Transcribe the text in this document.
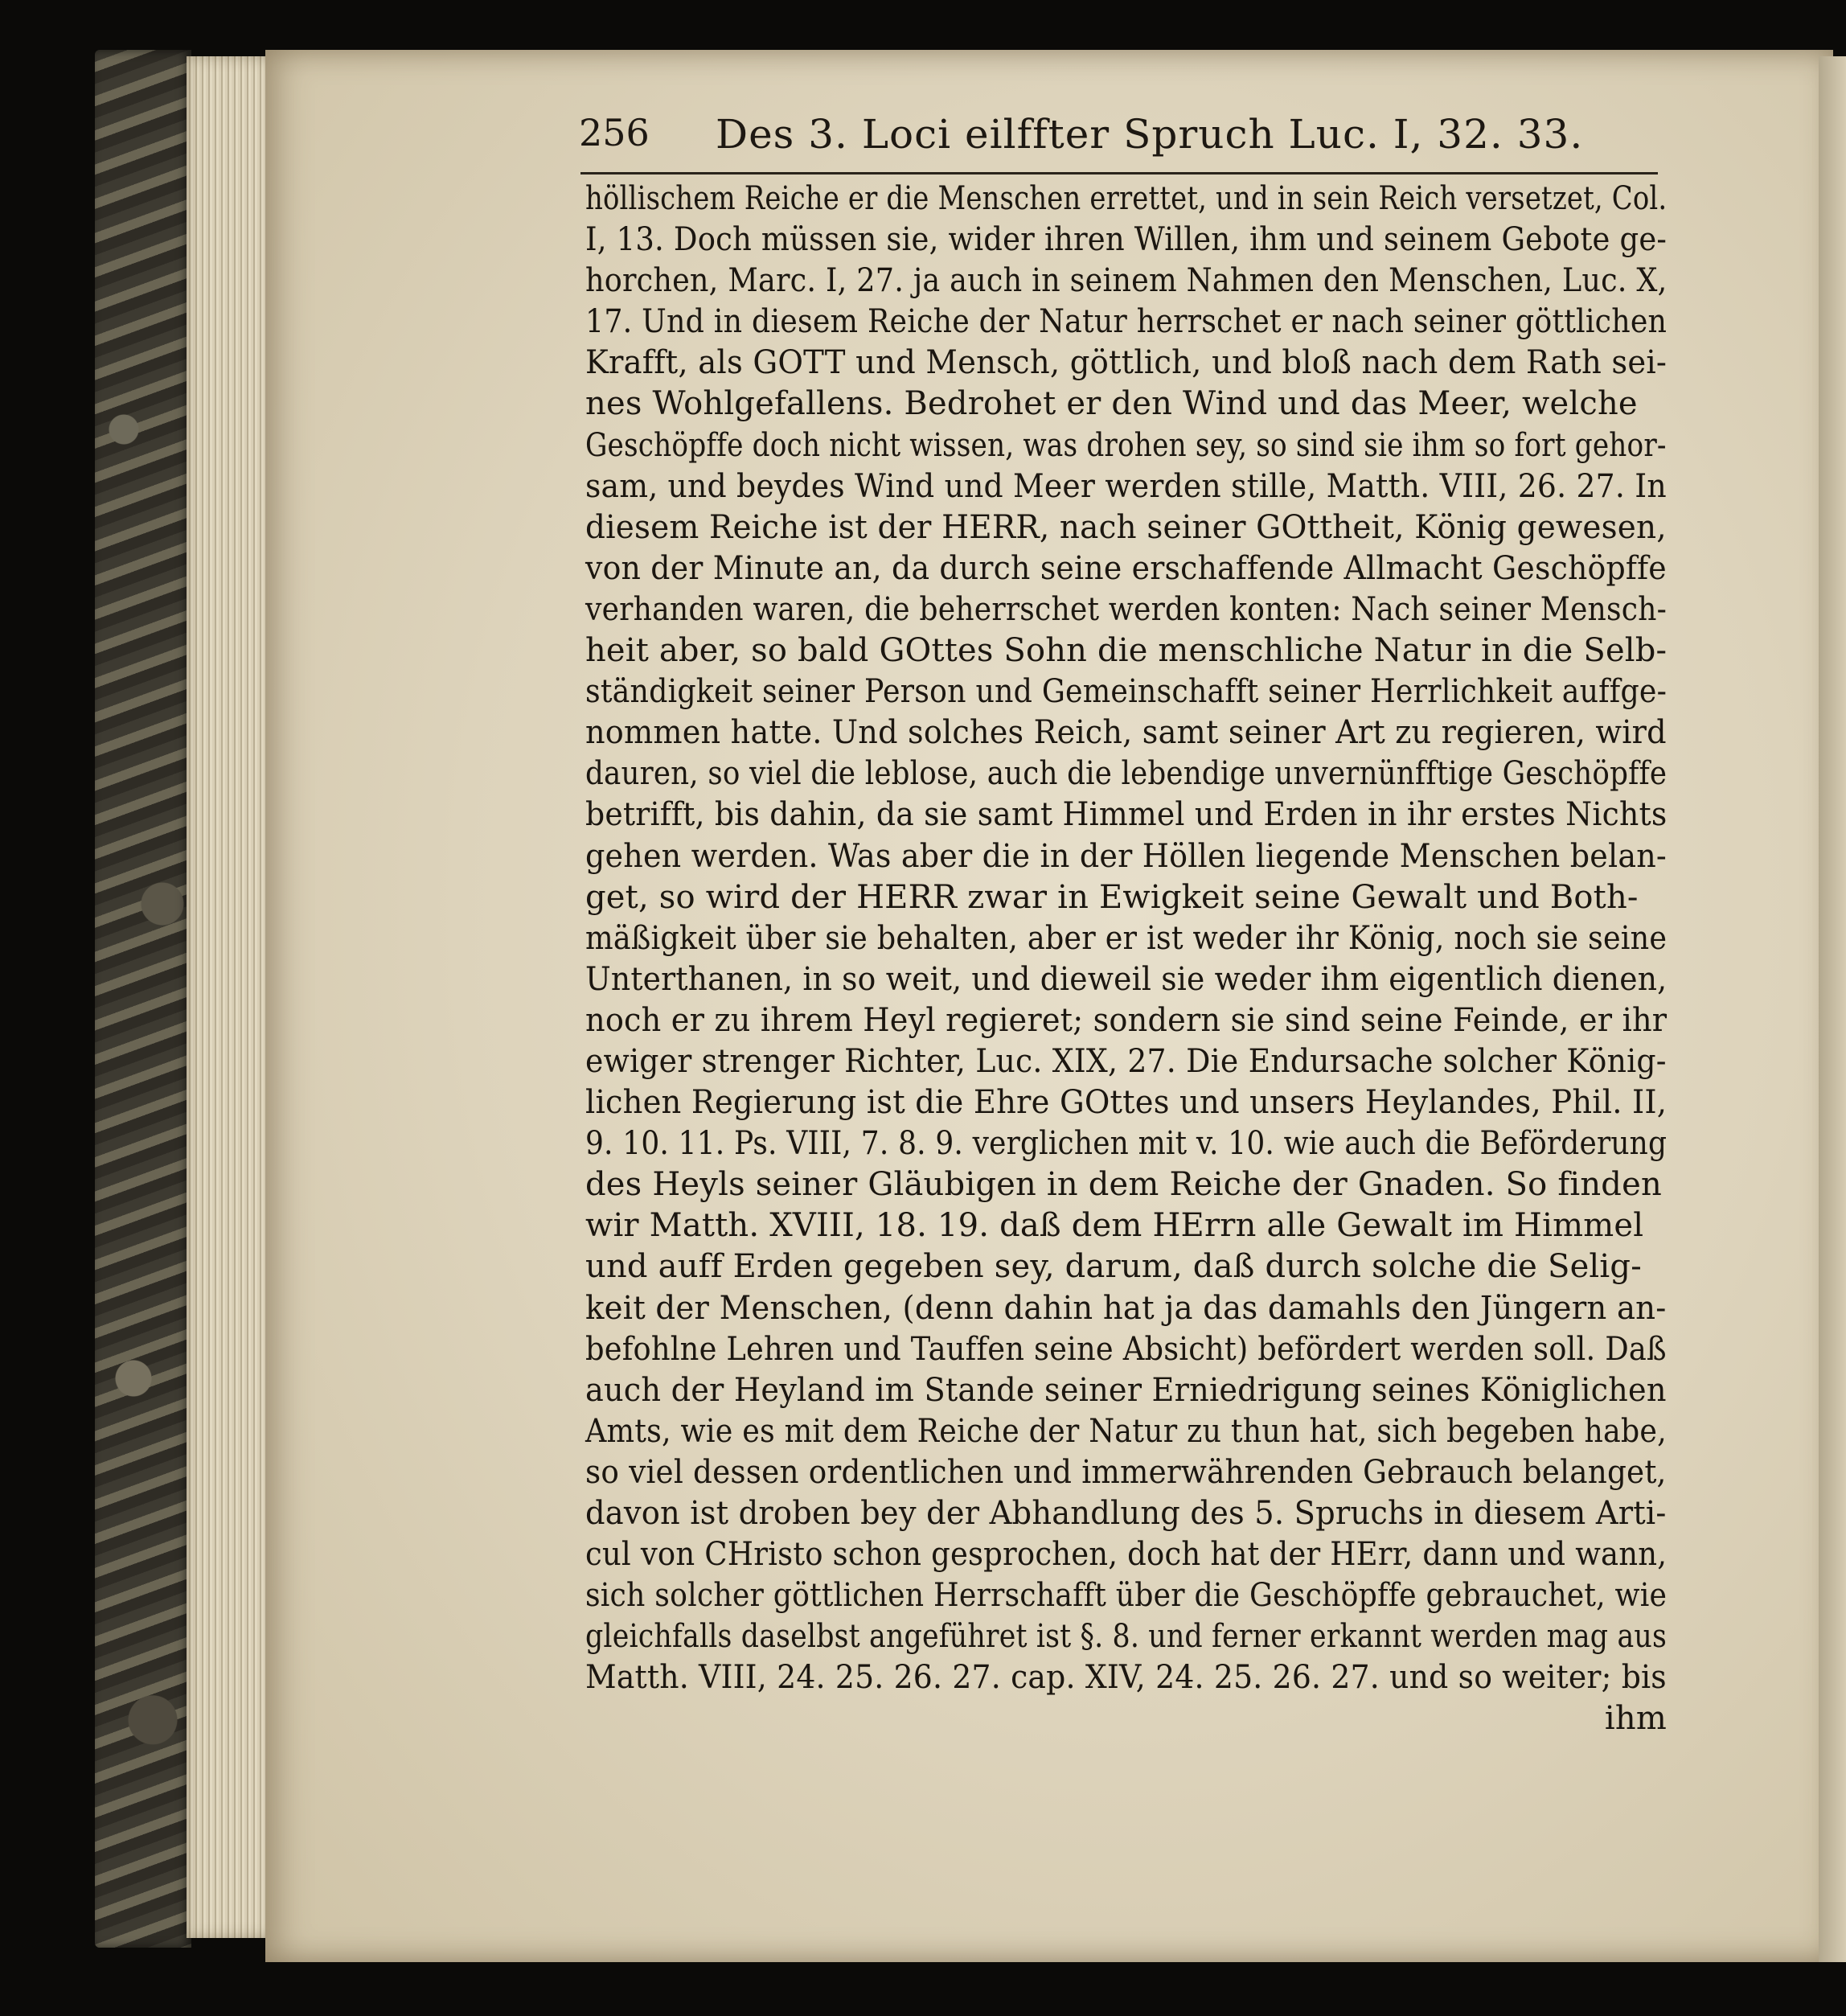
256 Des 3. Loci eilffter Spruch Luc. I, 32. 33.
höllischem Reiche er die Menschen errettet, und in sein Reich versetzet, Col.
I, 13. Doch müssen sie, wider ihren Willen, ihm und seinem Gebote ge-
horchen, Marc. I, 27. ja auch in seinem Nahmen den Menschen, Luc. X,
17. Und in diesem Reiche der Natur herrschet er nach seiner göttlichen
Krafft, als GOTT und Mensch, göttlich, und bloß nach dem Rath sei-
nes Wohlgefallens. Bedrohet er den Wind und das Meer, welche
Geschöpffe doch nicht wissen, was drohen sey, so sind sie ihm so fort gehor-
sam, und beydes Wind und Meer werden stille, Matth. VIII, 26. 27. In
diesem Reiche ist der HERR, nach seiner GOttheit, König gewesen,
von der Minute an, da durch seine erschaffende Allmacht Geschöpffe
verhanden waren, die beherrschet werden konten: Nach seiner Mensch-
heit aber, so bald GOttes Sohn die menschliche Natur in die Selb-
ständigkeit seiner Person und Gemeinschafft seiner Herrlichkeit auffge-
nommen hatte. Und solches Reich, samt seiner Art zu regieren, wird
dauren, so viel die leblose, auch die lebendige unvernünfftige Geschöpffe
betrifft, bis dahin, da sie samt Himmel und Erden in ihr erstes Nichts
gehen werden. Was aber die in der Höllen liegende Menschen belan-
get, so wird der HERR zwar in Ewigkeit seine Gewalt und Both-
mäßigkeit über sie behalten, aber er ist weder ihr König, noch sie seine
Unterthanen, in so weit, und dieweil sie weder ihm eigentlich dienen,
noch er zu ihrem Heyl regieret; sondern sie sind seine Feinde, er ihr
ewiger strenger Richter, Luc. XIX, 27. Die Endursache solcher König-
lichen Regierung ist die Ehre GOttes und unsers Heylandes, Phil. II,
9. 10. 11. Ps. VIII, 7. 8. 9. verglichen mit v. 10. wie auch die Beförderung
des Heyls seiner Gläubigen in dem Reiche der Gnaden. So finden
wir Matth. XVIII, 18. 19. daß dem HErrn alle Gewalt im Himmel
und auff Erden gegeben sey, darum, daß durch solche die Selig-
keit der Menschen, (denn dahin hat ja das damahls den Jüngern an-
befohlne Lehren und Tauffen seine Absicht) befördert werden soll. Daß
auch der Heyland im Stande seiner Erniedrigung seines Königlichen
Amts, wie es mit dem Reiche der Natur zu thun hat, sich begeben habe,
so viel dessen ordentlichen und immerwährenden Gebrauch belanget,
davon ist droben bey der Abhandlung des 5. Spruchs in diesem Arti-
cul von CHristo schon gesprochen, doch hat der HErr, dann und wann,
sich solcher göttlichen Herrschafft über die Geschöpffe gebrauchet, wie
gleichfalls daselbst angeführet ist §. 8. und ferner erkannt werden mag aus
Matth. VIII, 24. 25. 26. 27. cap. XIV, 24. 25. 26. 27. und so weiter; bis
ihm
